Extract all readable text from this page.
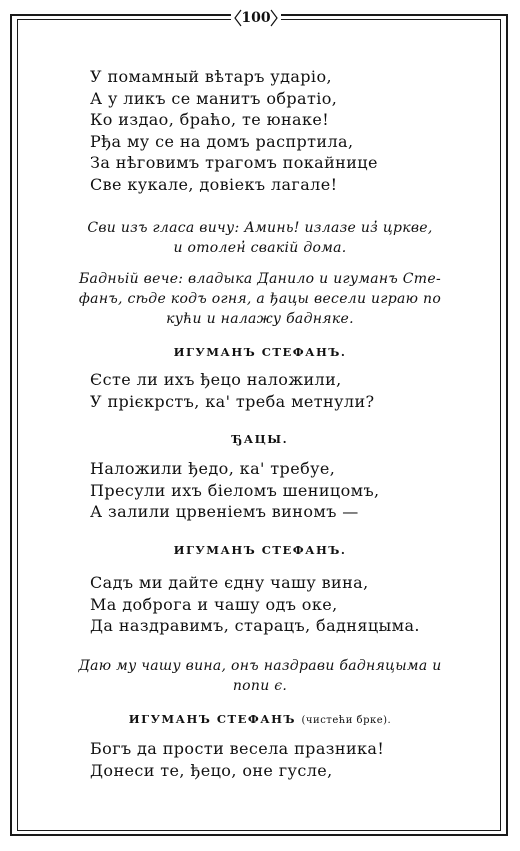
100
У помамный вѣтаръ ударіо,
А у ликъ се манитъ обратіо,
Ко издао, браћо, те юнаке!
Рђа му се на домъ распртила,
За нѣговимъ трагомъ покайнице
Све кукале, довіекъ лагале!
Сви изъ гласа вичу: Аминь! излазе из̓ цркве,
и отолен̓ свакій дома.
Бадньій вече: владыка Данило и игуманъ Сте-
фанъ, сѣде кодъ огня, а ђацы весели играю по
кући и налажу бадняке.
ИГУМАНЪ СТЕФАНЪ.
Єсте ли ихъ ђецо наложили,
У прієкрстъ, ка' треба метнули?
ЂАЦЫ.
Наложили ђедо, ка' требуе,
Пресули ихъ біеломъ шеницомъ,
А залили црвеніемъ виномъ —
ИГУМАНЪ СТЕФАНЪ.
Садъ ми дайте єдну чашу вина,
Ма доброга и чашу одъ оке,
Да наздравимъ, старацъ, бадняцыма.
Даю му чашу вина, онъ наздрави бадняцыма и
попи є.
ИГУМАНЪ СТЕФАНЪ (чистећи брке).
Богъ да прости весела празника!
Донеси те, ђецо, оне гусле,
